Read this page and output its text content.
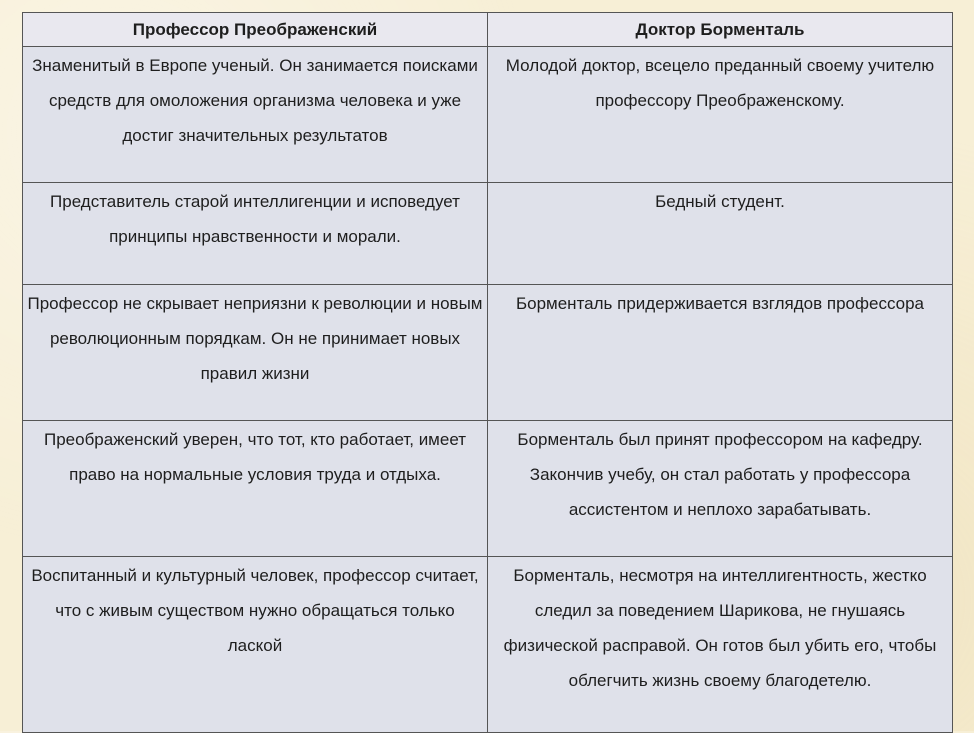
Профессор Преображенский	Доктор Борменталь
Знаменитый в Европе ученый. Он занимается поисками средств для омоложения организма человека и уже достиг значительных результатов	Молодой доктор, всецело преданный своему учителю профессору Преображенскому.
Представитель старой интеллигенции и исповедует принципы нравственности и морали.	Бедный студент.
Профессор не скрывает неприязни к революции и новым революционным порядкам. Он не принимает новых правил жизни	Борменталь придерживается взглядов профессора
Преображенский уверен, что тот, кто работает, имеет право на нормальные условия труда и отдыха.	Борменталь был принят профессором на кафедру. Закончив учебу, он стал работать у профессора ассистентом и неплохо зарабатывать.
Воспитанный и культурный человек, профессор считает, что с живым существом нужно обращаться только лаской	Борменталь, несмотря на интеллигентность, жестко следил за поведением Шарикова, не гнушаясь физической расправой. Он готов был убить его, чтобы облегчить жизнь своему благодетелю.
